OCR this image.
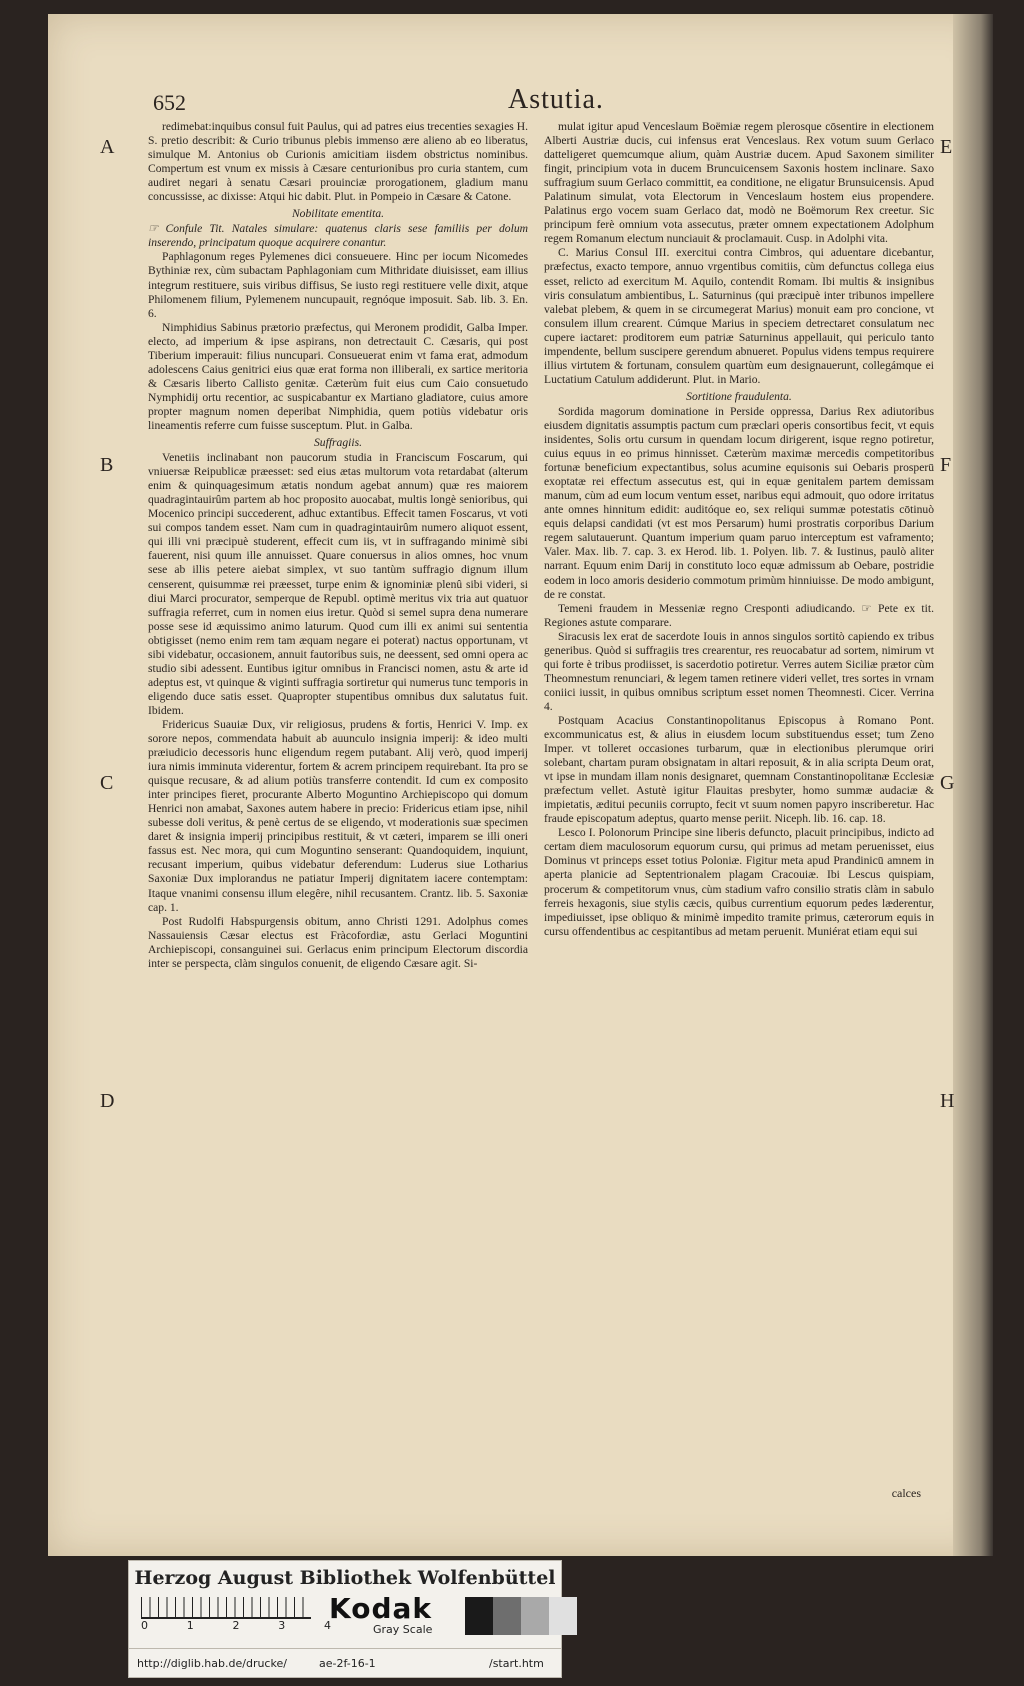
652	Astutia.
A
B
C
D
E
F
G
H

redimebat:inquibus consul fuit Paulus, qui ad patres eius trecenties sexagies H. S. pretio describit: & Curio tribunus plebis immenso ære alieno ab eo liberatus, simulque M. Antonius ob Curionis amicitiam iisdem obstrictus nominibus. Compertum est vnum ex missis à Cæsare centurionibus pro curia stantem, cum audiret negari à senatu Cæsari prouinciæ prorogationem, gladium manu concussisse, ac dixisse: Atqui hic dabit. Plut. in Pompeio in Cæsare & Catone.

Nobilitate ementita.

☞ Confule Tit. Natales simulare: quatenus claris sese familiis per dolum inserendo, principatum quoque acquirere conantur.

Paphlagonum reges Pylemenes dici consueuere. Hinc per iocum Nicomedes Bythiniæ rex, cùm subactam Paphlagoniam cum Mithridate diuisisset, eam illius integrum restituere, suis viribus diffisus, Se iusto regi restituere velle dixit, atque Philomenem filium, Pylemenem nuncupauit, regnóque imposuit. Sab. lib. 3. En. 6.

Nimphidius Sabinus prætorio præfectus, qui Meronem prodidit, Galba Imper. electo, ad imperium & ipse aspirans, non detrectauit C. Cæsaris, qui post Tiberium imperauit: filius nuncupari. Consueuerat enim vt fama erat, admodum adolescens Caius genitrici eius quæ erat forma non illiberali, ex sartice meritoria & Cæsaris liberto Callisto genitæ. Cæterùm fuit eius cum Caio consuetudo Nymphidij ortu recentior, ac suspicabantur ex Martiano gladiatore, cuius amore propter magnum nomen deperibat Nimphidia, quem potiùs videbatur oris lineamentis referre cum fuisse susceptum. Plut. in Galba.

Suffragiis.

Venetiis inclinabant non paucorum studia in Franciscum Foscarum, qui vniuersæ Reipublicæ præesset: sed eius ætas multorum vota retardabat (alterum enim & quinquagesimum ætatis nondum agebat annum) quæ res maiorem quadragintauirûm partem ab hoc proposito auocabat, multis longè senioribus, qui Mocenico principi succederent, adhuc extantibus. Effecit tamen Foscarus, vt voti sui compos tandem esset. Nam cum in quadragintauirûm numero aliquot essent, qui illi vni præcipuè studerent, effecit cum iis, vt in suffragando minimè sibi fauerent, nisi quum ille annuisset. Quare conuersus in alios omnes, hoc vnum sese ab illis petere aiebat simplex, vt suo tantùm suffragio dignum illum censerent, quisummæ rei præesset, turpe enim & ignominiæ plenû sibi videri, si diui Marci procurator, semperque de Republ. optimè meritus vix tria aut quatuor suffragia referret, cum in nomen eius iretur. Quòd si semel supra dena numerare posse sese id æquissimo animo laturum. Quod cum illi ex animi sui sententia obtigisset (nemo enim rem tam æquam negare ei poterat) nactus opportunam, vt sibi videbatur, occasionem, annuit fautoribus suis, ne deessent, sed omni opera ac studio sibi adessent. Euntibus igitur omnibus in Francisci nomen, astu & arte id adeptus est, vt quinque & viginti suffragia sortiretur qui numerus tunc temporis in eligendo duce satis esset. Quapropter stupentibus omnibus dux salutatus fuit. Ibidem.

Fridericus Suauiæ Dux, vir religiosus, prudens & fortis, Henrici V. Imp. ex sorore nepos, commendata habuit ab auunculo insignia imperij: & ideo multi præiudicio decessoris hunc eligendum regem putabant. Alij verò, quod imperij iura nimis imminuta viderentur, fortem & acrem principem requirebant. Ita pro se quisque recusare, & ad alium potiùs transferre contendit. Id cum ex composito inter principes fieret, procurante Alberto Moguntino Archiepiscopo qui domum Henrici non amabat, Saxones autem habere in precio: Fridericus etiam ipse, nihil subesse doli veritus, & penè certus de se eligendo, vt moderationis suæ specimen daret & insignia imperij principibus restituit, & vt cæteri, imparem se illi oneri fassus est. Nec mora, qui cum Moguntino senserant: Quandoquidem, inquiunt, recusant imperium, quibus videbatur deferendum: Luderus siue Lotharius Saxoniæ Dux implorandus ne patiatur Imperij dignitatem iacere contemptam: Itaque vnanimi consensu illum elegêre, nihil recusantem. Crantz. lib. 5. Saxoniæ cap. 1.

Post Rudolfi Habspurgensis obitum, anno Christi 1291. Adolphus comes Nassauiensis Cæsar electus est Fràcofordiæ, astu Gerlaci Moguntini Archiepiscopi, consanguinei sui. Gerlacus enim principum Electorum discordia inter se perspecta, clàm singulos conuenit, de eligendo Cæsare agit. Si-

mulat igitur apud Venceslaum Boëmiæ regem plerosque cōsentire in electionem Alberti Austriæ ducis, cui infensus erat Venceslaus. Rex votum suum Gerlaco datteligeret quemcumque alium, quàm Austriæ ducem. Apud Saxonem similiter fingit, principium vota in ducem Bruncuicensem Saxonis hostem inclinare. Saxo suffragium suum Gerlaco committit, ea conditione, ne eligatur Brunsuicensis. Apud Palatinum simulat, vota Electorum in Venceslaum hostem eius propendere. Palatinus ergo vocem suam Gerlaco dat, modò ne Boëmorum Rex creetur. Sic principum ferè omnium vota assecutus, præter omnem expectationem Adolphum regem Romanum electum nunciauit & proclamauit. Cusp. in Adolphi vita.

C. Marius Consul III. exercitui contra Cimbros, qui aduentare dicebantur, præfectus, exacto tempore, annuo vrgentibus comitiis, cùm defunctus collega eius esset, relicto ad exercitum M. Aquilo, contendit Romam. Ibi multis & insignibus viris consulatum ambientibus, L. Saturninus (qui præcipuè inter tribunos impellere valebat plebem, & quem in se circumegerat Marius) monuit eam pro concione, vt consulem illum crearent. Cúmque Marius in speciem detrectaret consulatum nec cupere iactaret: proditorem eum patriæ Saturninus appellauit, qui periculo tanto impendente, bellum suscipere gerendum abnueret. Populus videns tempus requirere illius virtutem & fortunam, consulem quartùm eum designauerunt, collegámque ei Luctatium Catulum addiderunt. Plut. in Mario.

Sortitione fraudulenta.

Sordida magorum dominatione in Perside oppressa, Darius Rex adiutoribus eiusdem dignitatis assumptis pactum cum præclari operis consortibus fecit, vt equis insidentes, Solis ortu cursum in quendam locum dirigerent, isque regno potiretur, cuius equus in eo primus hinnisset. Cæterùm maximæ mercedis competitoribus fortunæ beneficium expectantibus, solus acumine equisonis sui Oebaris prosperū exoptatæ rei effectum assecutus est, qui in equæ genitalem partem demissam manum, cùm ad eum locum ventum esset, naribus equi admouit, quo odore irritatus ante omnes hinnitum edidit: auditóque eo, sex reliqui summæ potestatis cōtinuò equis delapsi candidati (vt est mos Persarum) humi prostratis corporibus Darium regem salutauerunt. Quantum imperium quam paruo interceptum est vaframento; Valer. Max. lib. 7. cap. 3. ex Herod. lib. 1. Polyen. lib. 7. & Iustinus, paulò aliter narrant. Equum enim Darij in constituto loco equæ admissum ab Oebare, postridie eodem in loco amoris desiderio commotum primùm hinniuisse. De modo ambigunt, de re constat.

Temeni fraudem in Messeniæ regno Cresponti adiudicando. ☞ Pete ex tit. Regiones astute comparare.

Siracusis lex erat de sacerdote Iouis in annos singulos sortitò capiendo ex tribus generibus. Quòd si suffragiis tres crearentur, res reuocabatur ad sortem, nimirum vt qui forte è tribus prodiisset, is sacerdotio potiretur. Verres autem Siciliæ prætor cùm Theomnestum renunciari, & legem tamen retinere videri vellet, tres sortes in vrnam coniici iussit, in quibus omnibus scriptum esset nomen Theomnesti. Cicer. Verrina 4.

Postquam Acacius Constantinopolitanus Episcopus à Romano Pont. excommunicatus est, & alius in eiusdem locum substituendus esset; tum Zeno Imper. vt tolleret occasiones turbarum, quæ in electionibus plerumque oriri solebant, chartam puram obsignatam in altari reposuit, & in alia scripta Deum orat, vt ipse in mundam illam nonis designaret, quemnam Constantinopolitanæ Ecclesiæ præfectum vellet. Astutè igitur Flauitas presbyter, homo summæ audaciæ & impietatis, æditui pecuniis corrupto, fecit vt suum nomen papyro inscriberetur. Hac fraude episcopatum adeptus, quarto mense periit. Niceph. lib. 16. cap. 18.

Lesco I. Polonorum Principe sine liberis defuncto, placuit principibus, indicto ad certam diem maculosorum equorum cursu, qui primus ad metam peruenisset, eius Dominus vt princeps esset totius Poloniæ. Figitur meta apud Prandinicū amnem in aperta planicie ad Septentrionalem plagam Cracouiæ. Ibi Lescus quispiam, procerum & competitorum vnus, cùm stadium vafro consilio stratis clàm in sabulo ferreis hexagonis, siue stylis cæcis, quibus currentium equorum pedes læderentur, impediuisset, ipse obliquo & minimè impedito tramite primus, cæterorum equis in cursu offendentibus ac cespitantibus ad metam peruenit. Muniérat etiam equi sui

calces
Herzog August Bibliothek Wolfenbüttel
0	1	2	3	4
Kodak
Gray Scale
http://diglib.hab.de/drucke/	ae-2f-16-1	/start.htm
